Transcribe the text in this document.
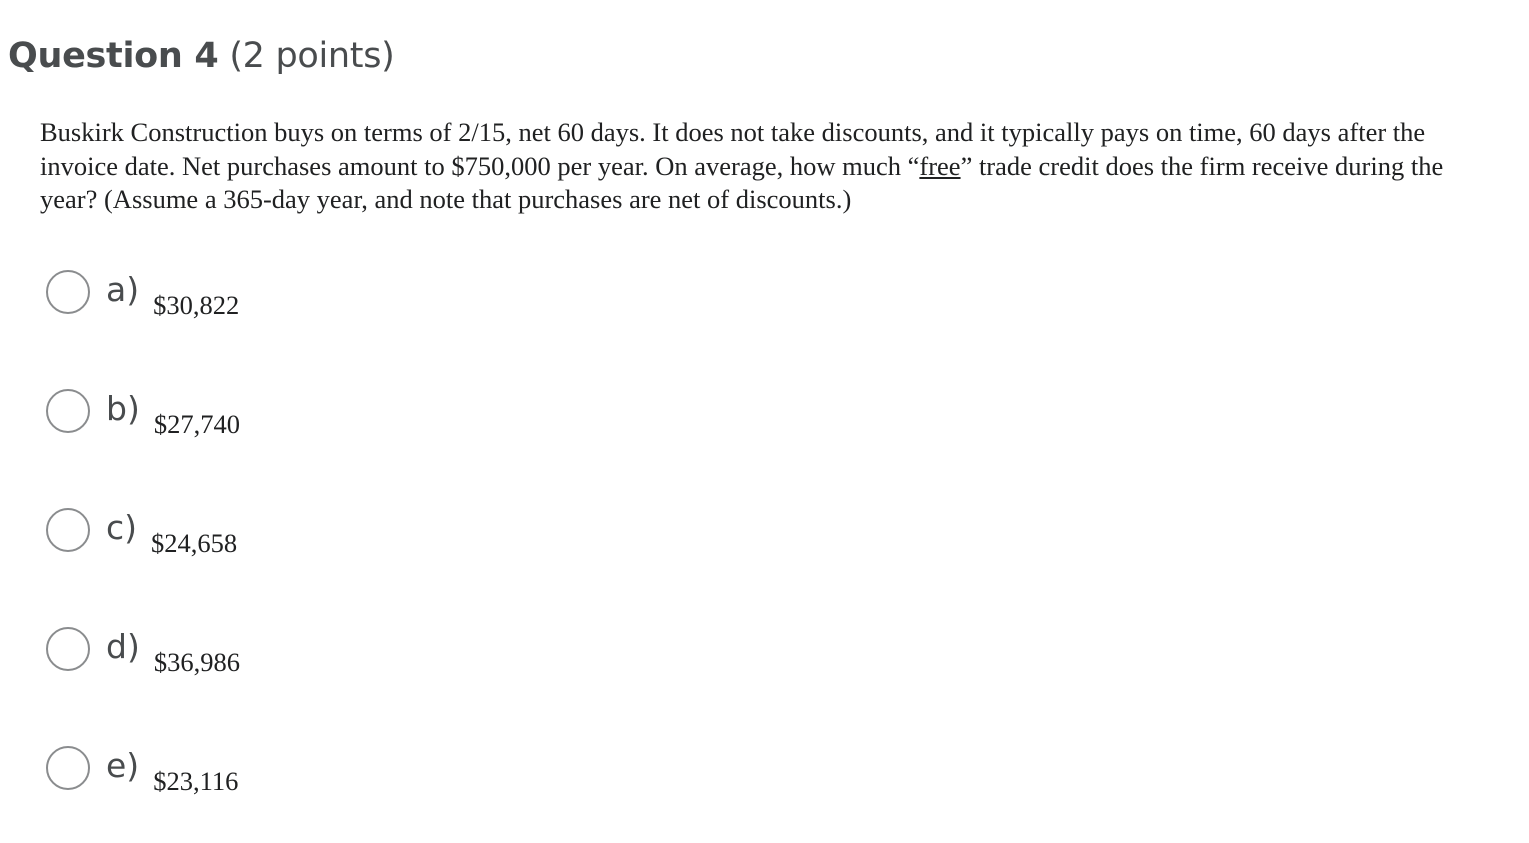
Question 4 (2 points)
Buskirk Construction buys on terms of 2/15, net 60 days. It does not take discounts, and it typically pays on time, 60 days after the invoice date. Net purchases amount to $750,000 per year. On average, how much “free” trade credit does the firm receive during the year? (Assume a 365-day year, and note that purchases are net of discounts.)
a) $30,822
b) $27,740
c) $24,658
d) $36,986
e) $23,116
